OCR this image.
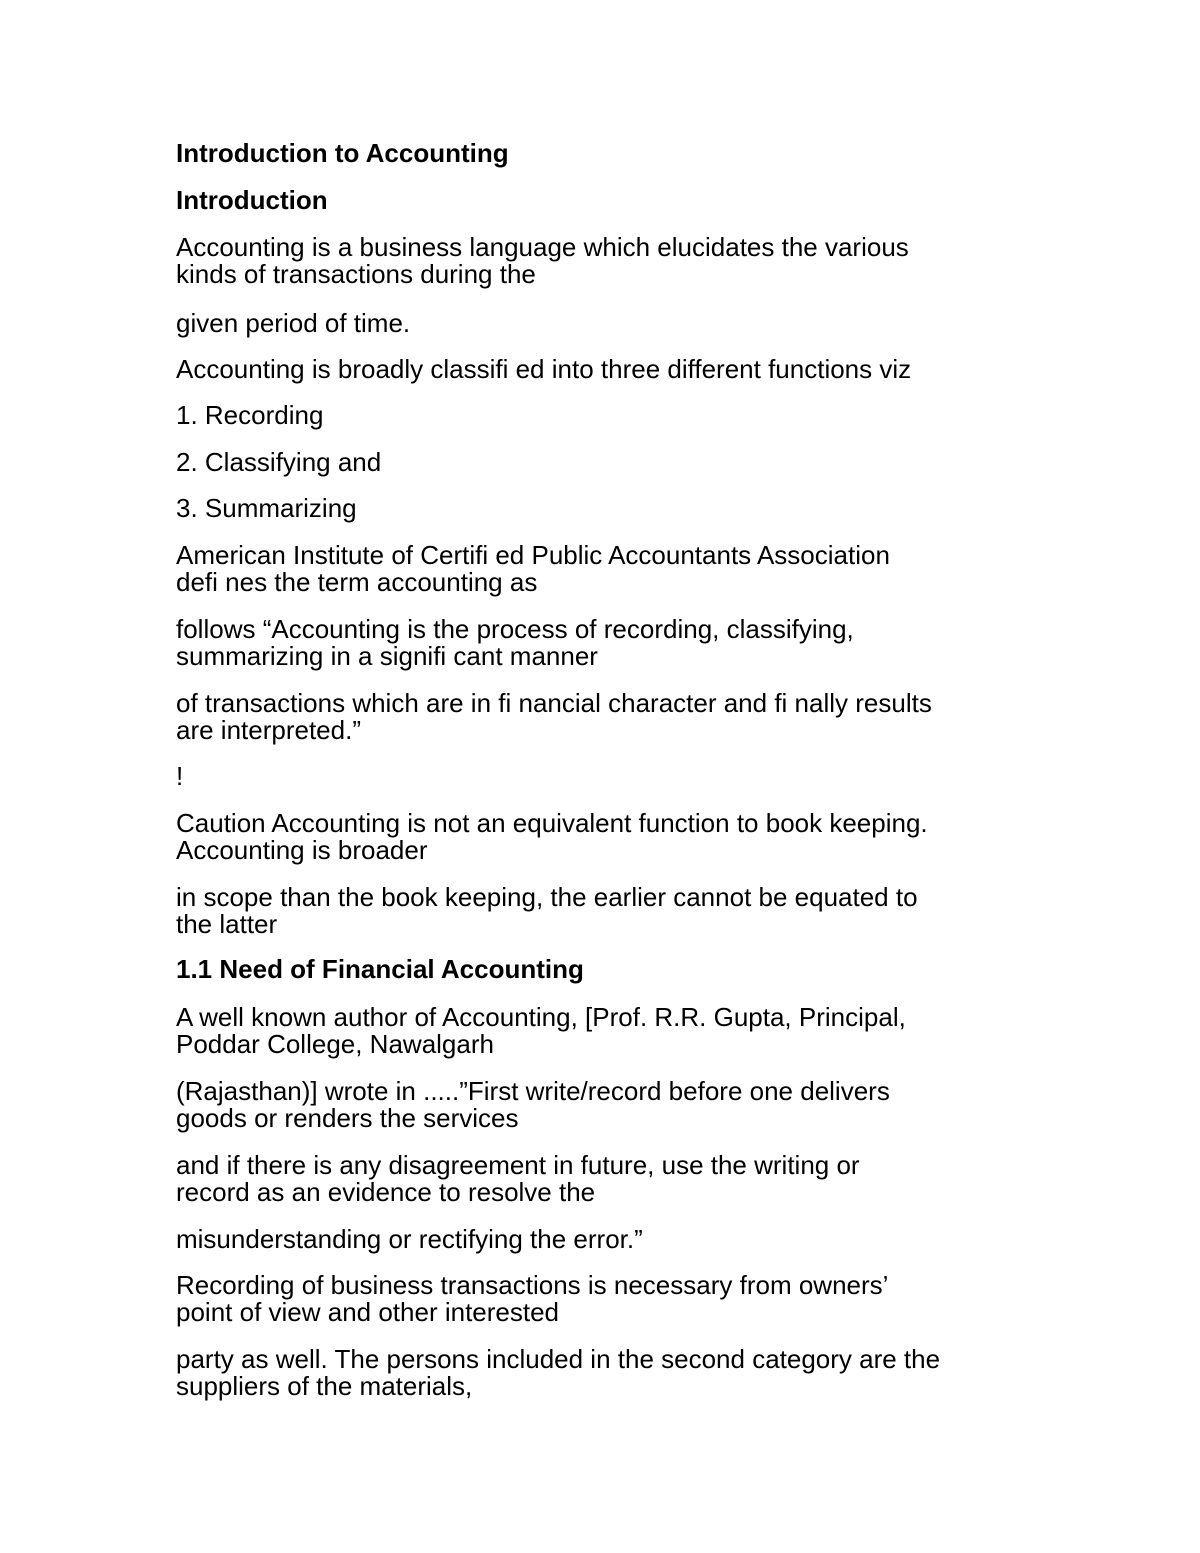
Introduction to Accounting

Introduction

Accounting is a business language which elucidates the various
kinds of transactions during the

given period of time.

Accounting is broadly classifi ed into three different functions viz

1. Recording

2. Classifying and

3. Summarizing

American Institute of Certifi ed Public Accountants Association
defi nes the term accounting as

follows “Accounting is the process of recording, classifying,
summarizing in a signifi cant manner

of transactions which are in fi nancial character and fi nally results
are interpreted.”

!

Caution Accounting is not an equivalent function to book keeping.
Accounting is broader

in scope than the book keeping, the earlier cannot be equated to
the latter

1.1 Need of Financial Accounting

A well known author of Accounting, [Prof. R.R. Gupta, Principal,
Poddar College, Nawalgarh

(Rajasthan)] wrote in .....”First write/record before one delivers
goods or renders the services

and if there is any disagreement in future, use the writing or
record as an evidence to resolve the

misunderstanding or rectifying the error.”

Recording of business transactions is necessary from owners’
point of view and other interested

party as well. The persons included in the second category are the
suppliers of the materials,
